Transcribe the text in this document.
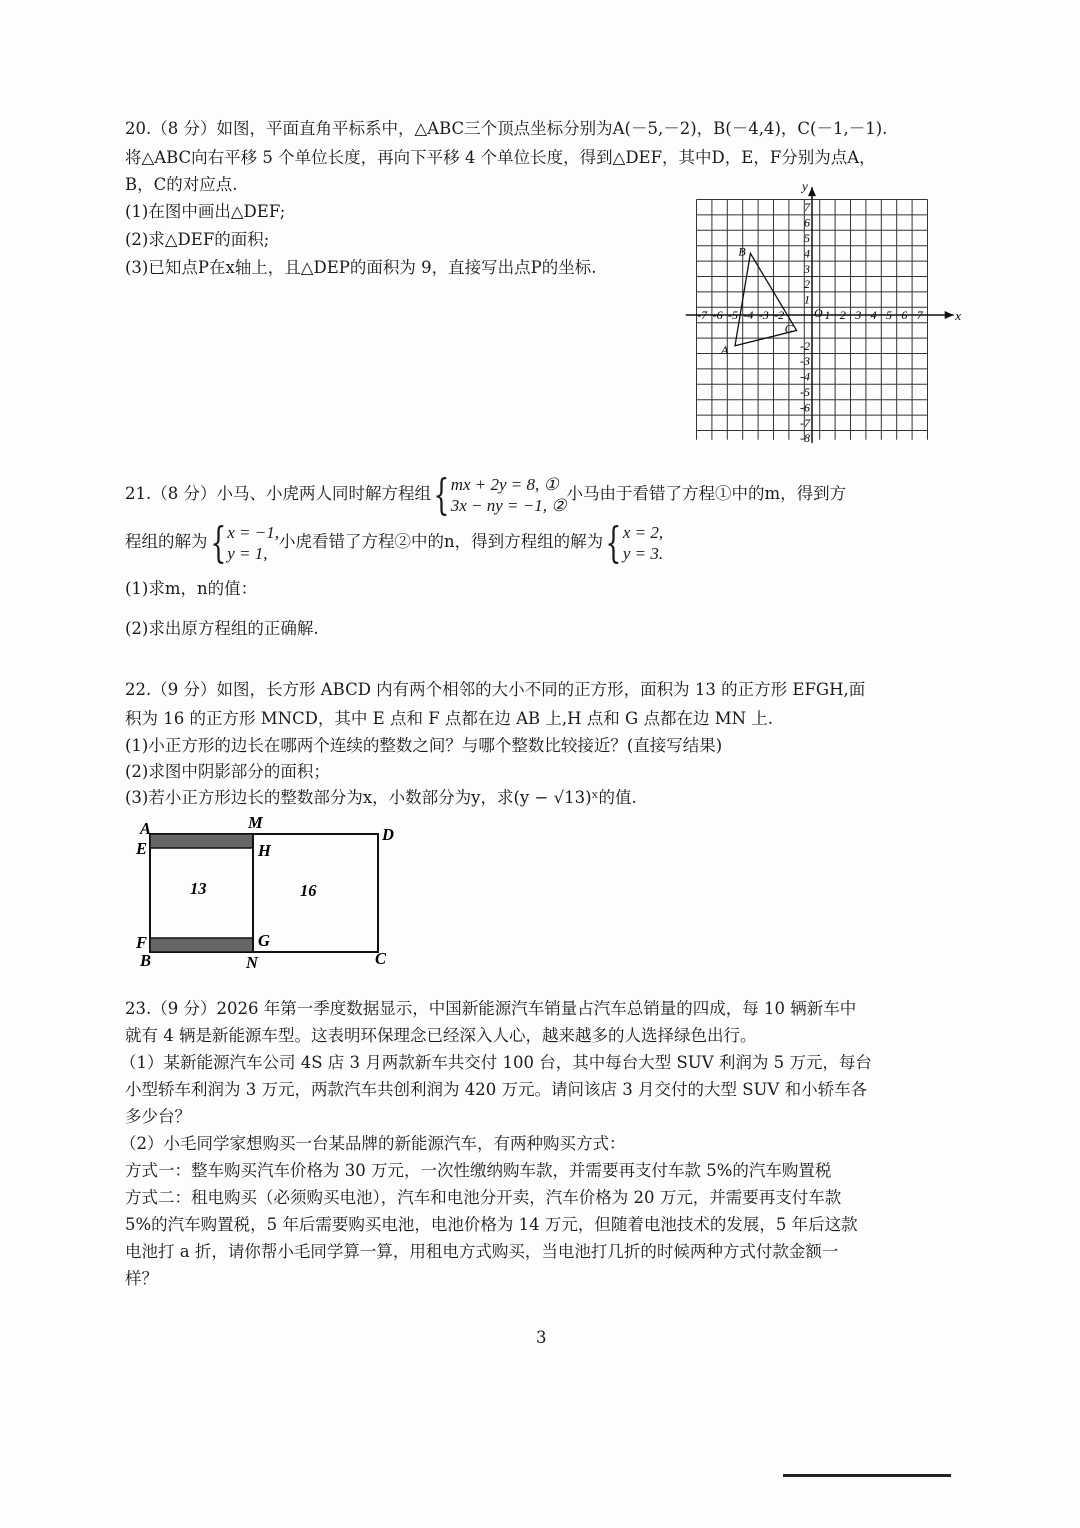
20.（8 分）如图，平面直角平标系中，△ABC三个顶点坐标分别为A(－5,－2)，B(－4,4)，C(－1,－1).
将△ABC向右平移 5 个单位长度，再向下平移 4 个单位长度，得到△DEF，其中D，E，F分别为点A，
B，C的对应点.
(1)在图中画出△DEF;
(2)求△DEF的面积;
(3)已知点P在x轴上，且△DEP的面积为 9，直接写出点P的坐标.
x
y
O
-7 -6 -5 -4 -3 -2	1 2 3 4 5 6 7
7
6
5
4
3
2
1
-2
-3
-4
-5
-6
-7
-8
A
B
C
21.（8 分）小马、小虎两人同时解方程组 { mx + 2y = 8, ①
3x − ny = −1, ②
小马由于看错了方程①中的m，得到方
程组的解为 { x = −1,
y = 1,
小虎看错了方程②中的n，得到方程组的解为 { x = 2,
y = 3.
(1)求m，n的值：
(2)求出原方程组的正确解.
22.（9 分）如图，长方形 ABCD 内有两个相邻的大小不同的正方形，面积为 13 的正方形 EFGH,面
积为 16 的正方形 MNCD，其中 E 点和 F 点都在边 AB 上,H 点和 G 点都在边 MN 上.
(1)小正方形的边长在哪两个连续的整数之间？与哪个整数比较接近？(直接写结果)
(2)求图中阴影部分的面积；
(3)若小正方形边长的整数部分为x，小数部分为y，求(y − √13)ˣ的值.
A	M
D
E	H
F	G
B	N	C
13	16
23.（9 分）2026 年第一季度数据显示，中国新能源汽车销量占汽车总销量的四成，每 10 辆新车中
就有 4 辆是新能源车型。这表明环保理念已经深入人心，越来越多的人选择绿色出行。
（1）某新能源汽车公司 4S 店 3 月两款新车共交付 100 台，其中每台大型 SUV 利润为 5 万元，每台
小型轿车利润为 3 万元，两款汽车共创利润为 420 万元。请问该店 3 月交付的大型 SUV 和小轿车各
多少台？
（2）小毛同学家想购买一台某品牌的新能源汽车，有两种购买方式：
方式一：整车购买汽车价格为 30 万元，一次性缴纳购车款，并需要再支付车款 5%的汽车购置税
方式二：租电购买（必须购买电池），汽车和电池分开卖，汽车价格为 20 万元，并需要再支付车款
5%的汽车购置税，5 年后需要购买电池，电池价格为 14 万元，但随着电池技术的发展，5 年后这款
电池打 a 折，请你帮小毛同学算一算，用租电方式购买，当电池打几折的时候两种方式付款金额一
样？
3
